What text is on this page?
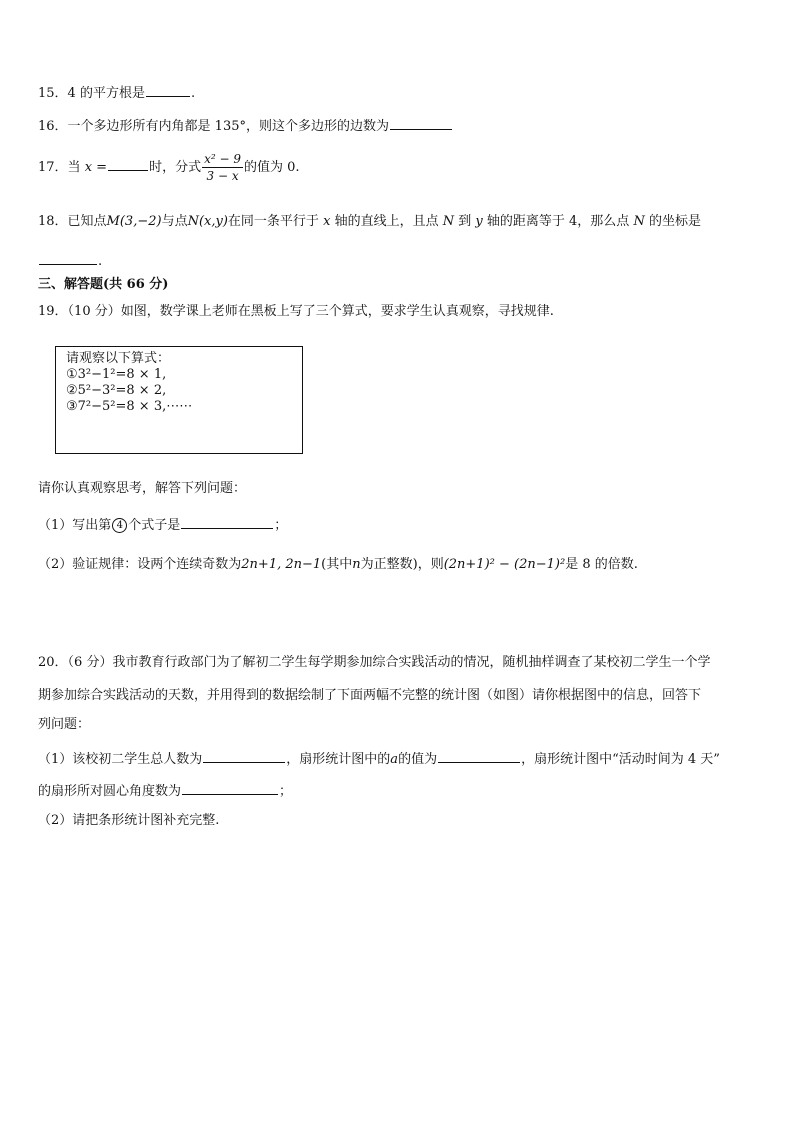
15．4 的平方根是	.
16．一个多边形所有内角都是 135°，则这个多边形的边数为
17．当 x =	时，分式 $\frac{\text{x² − 9}}{3 - x}$ 的值为 0.
18．已知点M(3,−2)与点N(x,y)在同一条平行于 x 轴的直线上，且点 N 到 y 轴的距离等于 4，那么点 N 的坐标是
.
三、解答题(共 66 分)
19．（10 分）如图，数学课上老师在黑板上写了三个算式，要求学生认真观察，寻找规律.
请观察以下算式：
①3²−1²=8 × 1,
②5²−3²=8 × 2,
③7²−5²=8 × 3,⋯⋯
请你认真观察思考，解答下列问题：
（1）写出第 4 个式子是	；
（2）验证规律：设两个连续奇数为2n+1, 2n−1(其中n为正整数)，则(2n+1)² − (2n−1)²是 8 的倍数.
20．（6 分）我市教育行政部门为了解初二学生每学期参加综合实践活动的情况，随机抽样调查了某校初二学生一个学
期参加综合实践活动的天数，并用得到的数据绘制了下面两幅不完整的统计图（如图）请你根据图中的信息，回答下
列问题：
（1）该校初二学生总人数为	，扇形统计图中的a的值为	，扇形统计图中“活动时间为 4 天”
的扇形所对圆心角度数为	；
（2）请把条形统计图补充完整.
